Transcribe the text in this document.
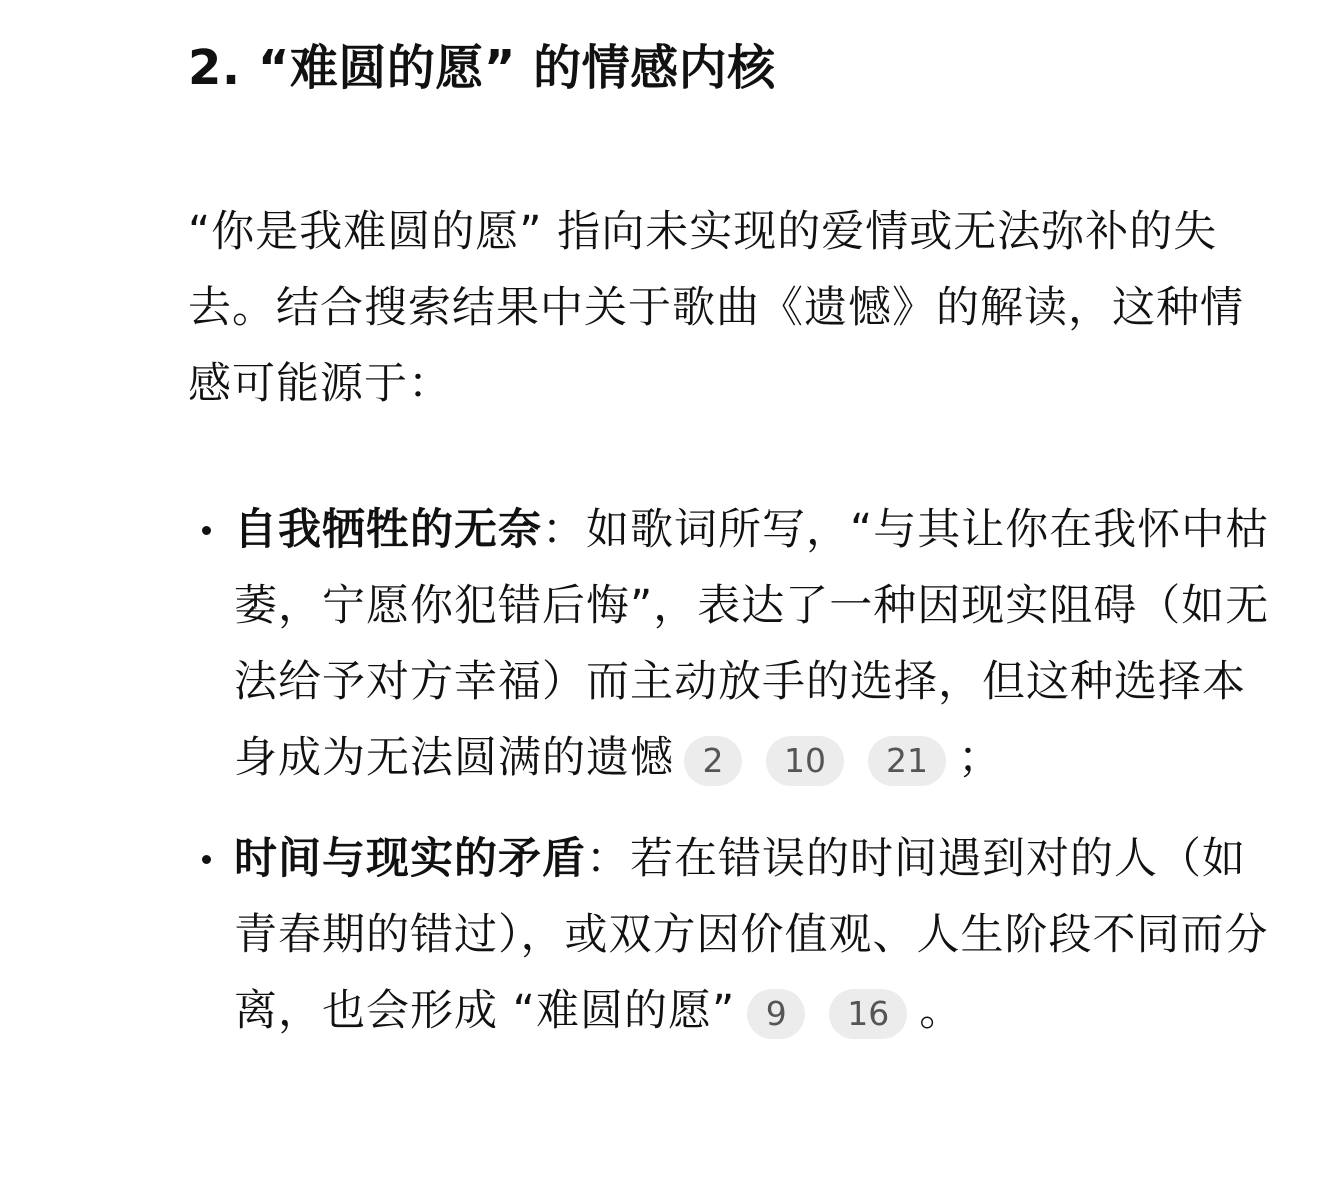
2. “难圆的愿” 的情感内核

“你是我难圆的愿” 指向未实现的爱情或无法弥补的失去。结合搜索结果中关于歌曲《遗憾》的解读，这种情感可能源于：

自我牺牲的无奈：如歌词所写，“与其让你在我怀中枯萎，宁愿你犯错后悔”，表达了一种因现实阻碍（如无法给予对方幸福）而主动放手的选择，但这种选择本身成为无法圆满的遗憾 2 10 21 ；
时间与现实的矛盾：若在错误的时间遇到对的人（如青春期的错过），或双方因价值观、人生阶段不同而分离，也会形成 “难圆的愿” 9 16 。
